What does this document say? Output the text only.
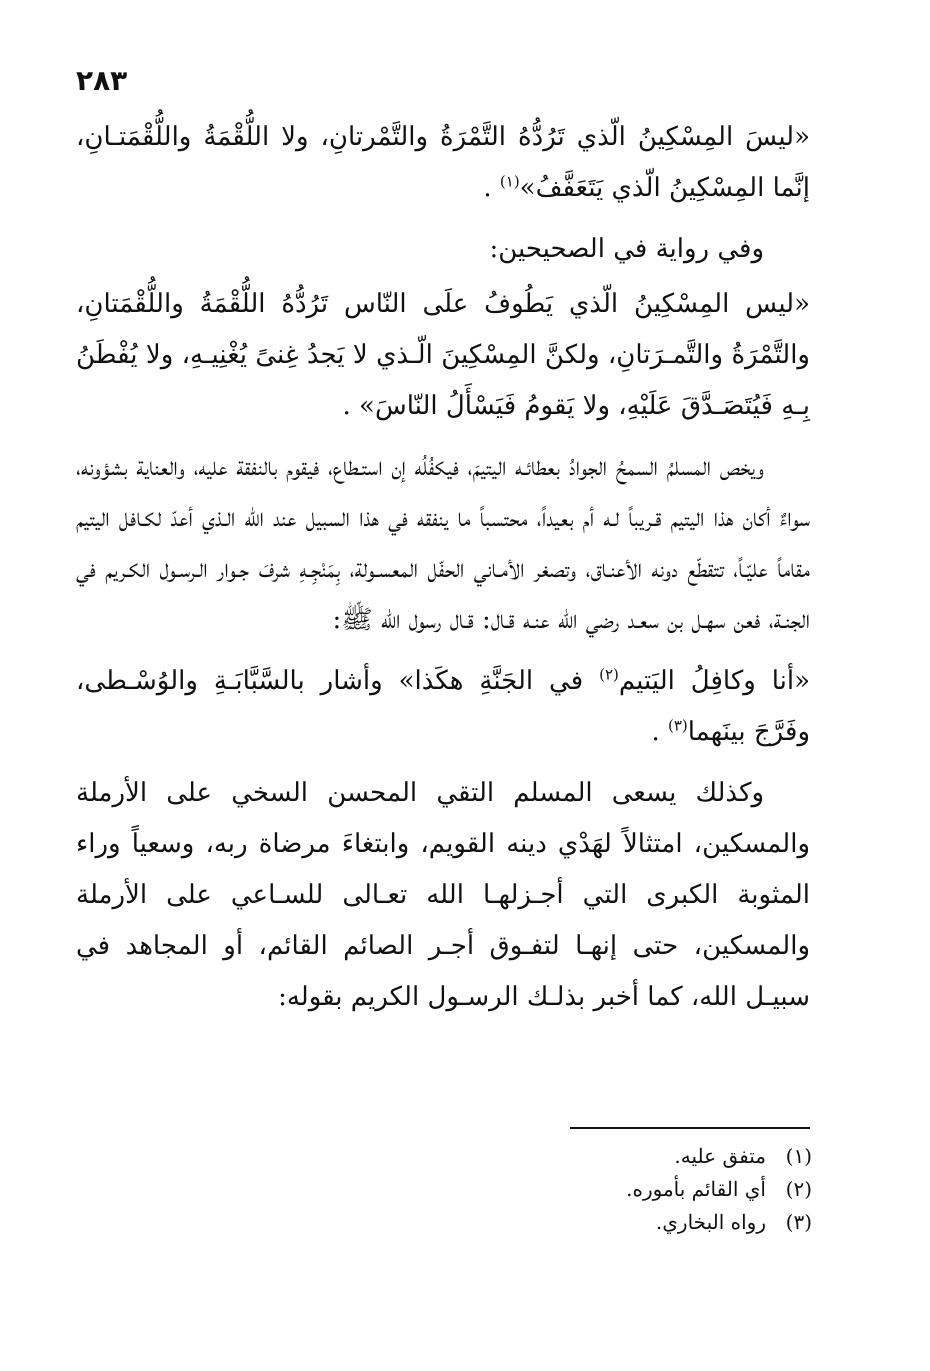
٢٨٣

«ليسَ المِسْكِينُ الّذي تَرُدُّهُ التَّمْرَةُ والتَّمْرتانِ، ولا اللُّقْمَةُ واللُّقْمَتـانِ، إنَّما المِسْكِينُ الّذي يَتَعَفَّفُ»$^{(١)}$ .

وفي رواية في الصحيحين:

«ليس المِسْكِينُ الّذي يَطُوفُ علَى النّاس تَرُدُّهُ اللُّقْمَةُ واللُّقْمَتانِ، والتَّمْرَةُ والتَّمـرَتانِ، ولكنَّ المِسْكِينَ الّـذي لا يَجدُ غِنىً يُغْنِيـهِ، ولا يُفْطَنُ بِـهِ فَيُتَصَـدَّقَ عَلَيْهِ، ولا يَقومُ فَيَسْأَلُ النّاسَ» .

ويخص المسلمُ السمحُ الجوادُ بعطائـه اليتيمَ، فيكفُلُه إن استـطاع، فيقوم بالنفقة عليه، والعناية بشؤونه، سواءٌ أكان هذا اليتيم قـريباً لـه أم بعيداً، محتسباً ما ينفقه في هذا السبيل عند الله الـذي أعدّ لكـافل اليتيم مقاماً عليّـاً، تتقطّع دونه الأعنـاق، وتصغر الأمـاني الحفّل المعسـولة، بِمَنْجِـهِ شرفَ جـوار الـرسـول الكـريم في الجنـة، فعن سهـل بن سعـد رضي الله عنـه قـال: قـال رسول الله ﷺ:

«أنا وكافِلُ اليَتيم$^{(٢)}$ في الجَنَّةِ هكَذا» وأشار بالسَّبَّابَـةِ والوُسْـطى، وفَرَّجَ بينَهما$^{(٣)}$ .

وكذلك يسعى المسلم التقي المحسن السخي على الأرملة والمسكين، امتثالاً لهَدْي دينه القويم، وابتغاءَ مرضاة ربه، وسعياً وراء المثوبة الكبرى التي أجـزلهـا الله تعـالى للسـاعي على الأرملة والمسكين، حتى إنهـا لتفـوق أجـر الصائم القائم، أو المجاهد في سبيـل الله، كما أخبر بذلـك الرسـول الكريم بقوله:

(١)متفق عليه.
(٢)أي القائم بأموره.
(٣)رواه البخاري.
